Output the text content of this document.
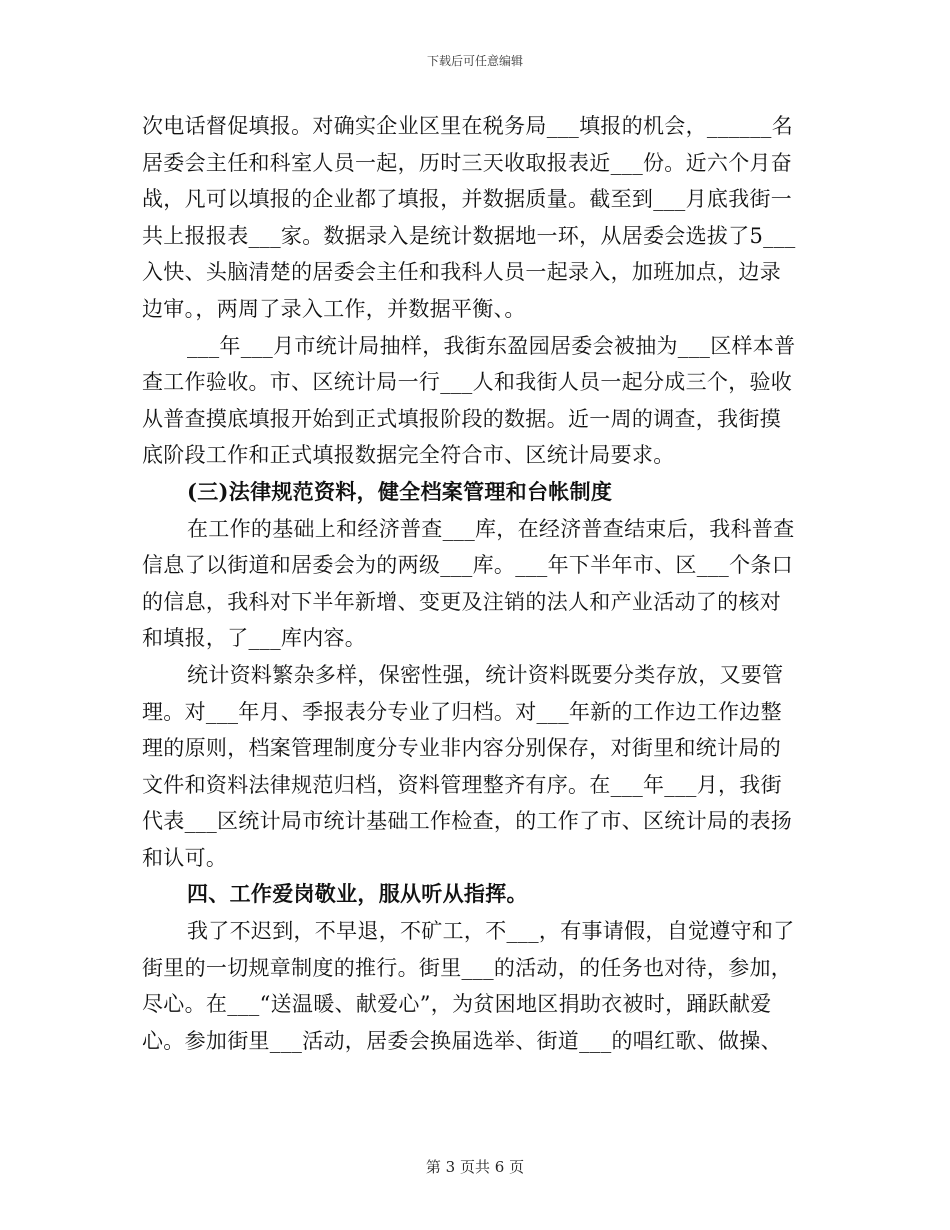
下载后可任意编辑
次电话督促填报。对确实企业区里在税务局___填报的机会，______名
居委会主任和科室人员一起，历时三天收取报表近___份。近六个月奋
战，凡可以填报的企业都了填报，并数据质量。截至到___月底我街一
共上报报表___家。数据录入是统计数据地一环，从居委会选拔了5___
入快、头脑清楚的居委会主任和我科人员一起录入，加班加点，边录
边审。，两周了录入工作，并数据平衡、。
___年___月市统计局抽样，我街东盈园居委会被抽为___区样本普
查工作验收。市、区统计局一行___人和我街人员一起分成三个，验收
从普查摸底填报开始到正式填报阶段的数据。近一周的调查，我街摸
底阶段工作和正式填报数据完全符合市、区统计局要求。
(三)法律规范资料，健全档案管理和台帐制度
在工作的基础上和经济普查___库，在经济普查结束后，我科普查
信息了以街道和居委会为的两级___库。___年下半年市、区___个条口
的信息，我科对下半年新增、变更及注销的法人和产业活动了的核对
和填报，了___库内容。
统计资料繁杂多样，保密性强，统计资料既要分类存放，又要管
理。对___年月、季报表分专业了归档。对___年新的工作边工作边整
理的原则，档案管理制度分专业非内容分别保存，对街里和统计局的
文件和资料法律规范归档，资料管理整齐有序。在___年___月，我街
代表___区统计局市统计基础工作检查，的工作了市、区统计局的表扬
和认可。
四、工作爱岗敬业，服从听从指挥。
我了不迟到，不早退，不矿工，不___，有事请假，自觉遵守和了
街里的一切规章制度的推行。街里___的活动，的任务也对待，参加，
尽心。在___“送温暖、献爱心”，为贫困地区捐助衣被时，踊跃献爱
心。参加街里___活动，居委会换届选举、街道___的唱红歌、做操、
第 3 页共 6 页
